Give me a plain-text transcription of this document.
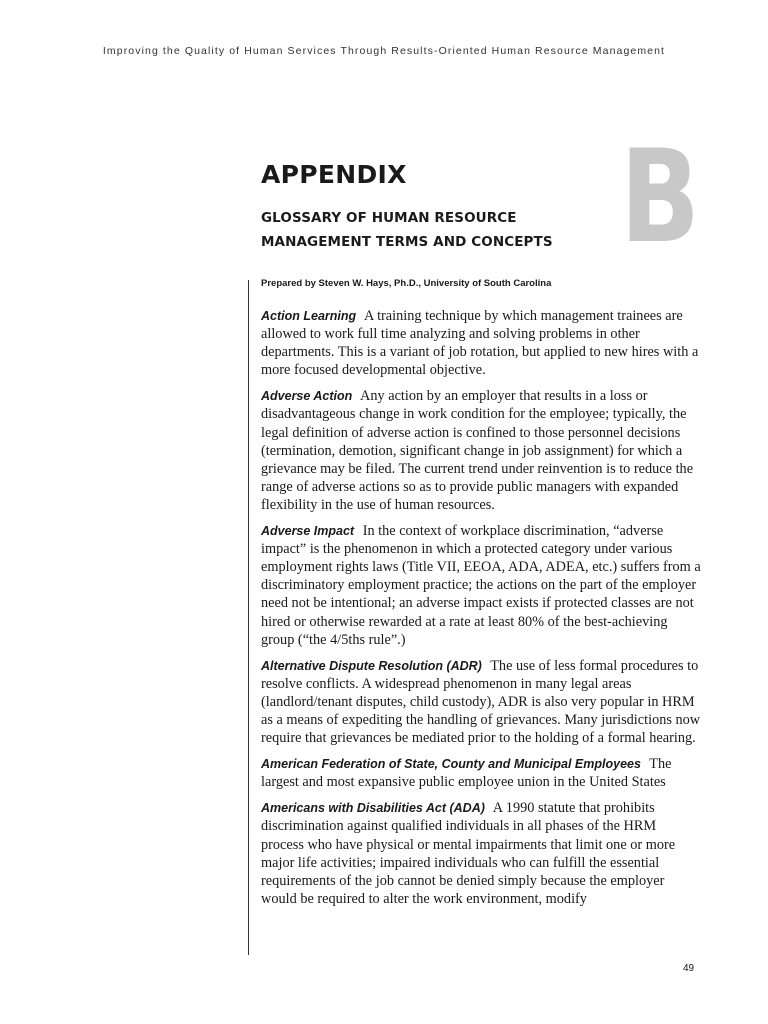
Improving the Quality of Human Services Through Results-Oriented Human Resource Management
B
APPENDIX
GLOSSARY OF HUMAN RESOURCE
MANAGEMENT TERMS AND CONCEPTS
Prepared by Steven W. Hays, Ph.D., University of South Carolina

Action Learning A training technique by which management trainees are allowed to work full time analyzing and solving problems in other departments. This is a variant of job rotation, but applied to new hires with a more focused developmental objective.

Adverse Action Any action by an employer that results in a loss or disadvantageous change in work condition for the employee; typically, the legal definition of adverse action is confined to those personnel decisions (termination, demotion, significant change in job assignment) for which a grievance may be filed. The current trend under reinvention is to reduce the range of adverse actions so as to provide public managers with expanded flexibility in the use of human resources.

Adverse Impact In the context of workplace discrimination, “adverse impact” is the phenomenon in which a protected category under various employment rights laws (Title VII, EEOA, ADA, ADEA, etc.) suffers from a discriminatory employment practice; the actions on the part of the employer need not be intentional; an adverse impact exists if protected classes are not hired or otherwise rewarded at a rate at least 80% of the best-achieving group (“the 4/5ths rule”.)

Alternative Dispute Resolution (ADR) The use of less formal procedures to resolve conflicts. A widespread phenomenon in many legal areas (landlord/tenant disputes, child custody), ADR is also very popular in HRM as a means of expediting the handling of grievances. Many jurisdictions now require that grievances be mediated prior to the holding of a formal hearing.

American Federation of State, County and Municipal Employees The largest and most expansive public employee union in the United States

Americans with Disabilities Act (ADA) A 1990 statute that prohibits discrimination against qualified individuals in all phases of the HRM process who have physical or mental impairments that limit one or more major life activities; impaired individuals who can fulfill the essential requirements of the job cannot be denied simply because the employer would be required to alter the work environment, modify

49
